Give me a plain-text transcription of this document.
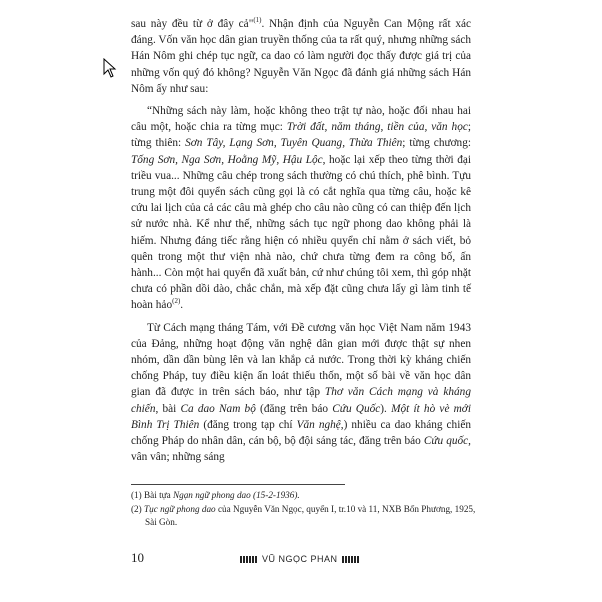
sau này đều từ ở đây cả"$^{(1)}$. Nhận định của Nguyễn Can Mộng rất xác đáng. Vốn văn học dân gian truyền thống của ta rất quý, nhưng những sách Hán Nôm ghi chép tục ngữ, ca dao có làm người đọc thấy được giá trị của những vốn quý đó không? Nguyễn Văn Ngọc đã đánh giá những sách Hán Nôm ấy như sau:

“Những sách này làm, hoặc không theo trật tự nào, hoặc đối nhau hai câu một, hoặc chia ra từng mục: Trời đất, năm tháng, tiền của, văn học; từng thiên: Sơn Tây, Lạng Sơn, Tuyên Quang, Thừa Thiên; từng chương: Tống Sơn, Nga Sơn, Hoằng Mỹ, Hậu Lộc, hoặc lại xếp theo từng thời đại triều vua... Những câu chép trong sách thường có chú thích, phê bình. Tựu trung một đôi quyển sách cũng gọi là có cắt nghĩa qua từng câu, hoặc kê cứu lai lịch của cả các câu mà ghép cho câu nào cũng có can thiệp đến lịch sử nước nhà. Kể như thế, những sách tục ngữ phong dao không phải là hiếm. Nhưng đáng tiếc rằng hiện có nhiều quyển chỉ nằm ở sách viết, bỏ quên trong một thư viện nhà nào, chứ chưa từng đem ra công bố, ấn hành... Còn một hai quyển đã xuất bản, cứ như chúng tôi xem, thì góp nhặt chưa có phần dồi dào, chắc chắn, mà xếp đặt cũng chưa lấy gì làm tinh tế hoàn hảo$^{(2)}$.

Từ Cách mạng tháng Tám, với Đề cương văn học Việt Nam năm 1943 của Đảng, những hoạt động văn nghệ dân gian mới được thật sự nhen nhóm, dần dần bùng lên và lan khắp cả nước. Trong thời kỳ kháng chiến chống Pháp, tuy điều kiện ấn loát thiếu thốn, một số bài về văn học dân gian đã được in trên sách báo, như tập Thơ văn Cách mạng và kháng chiến, bài Ca dao Nam bộ (đăng trên báo Cứu Quốc). Một ít hò vè mới Bình Trị Thiên (đăng trong tạp chí Văn nghệ,) nhiều ca dao kháng chiến chống Pháp do nhân dân, cán bộ, bộ đội sáng tác, đăng trên báo Cứu quốc, vân vân; những sáng

(1) Bài tựa Ngạn ngữ phong dao (15-2-1936).

(2) Tục ngữ phong dao của Nguyễn Văn Ngọc, quyển I, tr.10 và 11, NXB Bốn Phương, 1925, Sài Gòn.

10	VŨ NGỌC PHAN
